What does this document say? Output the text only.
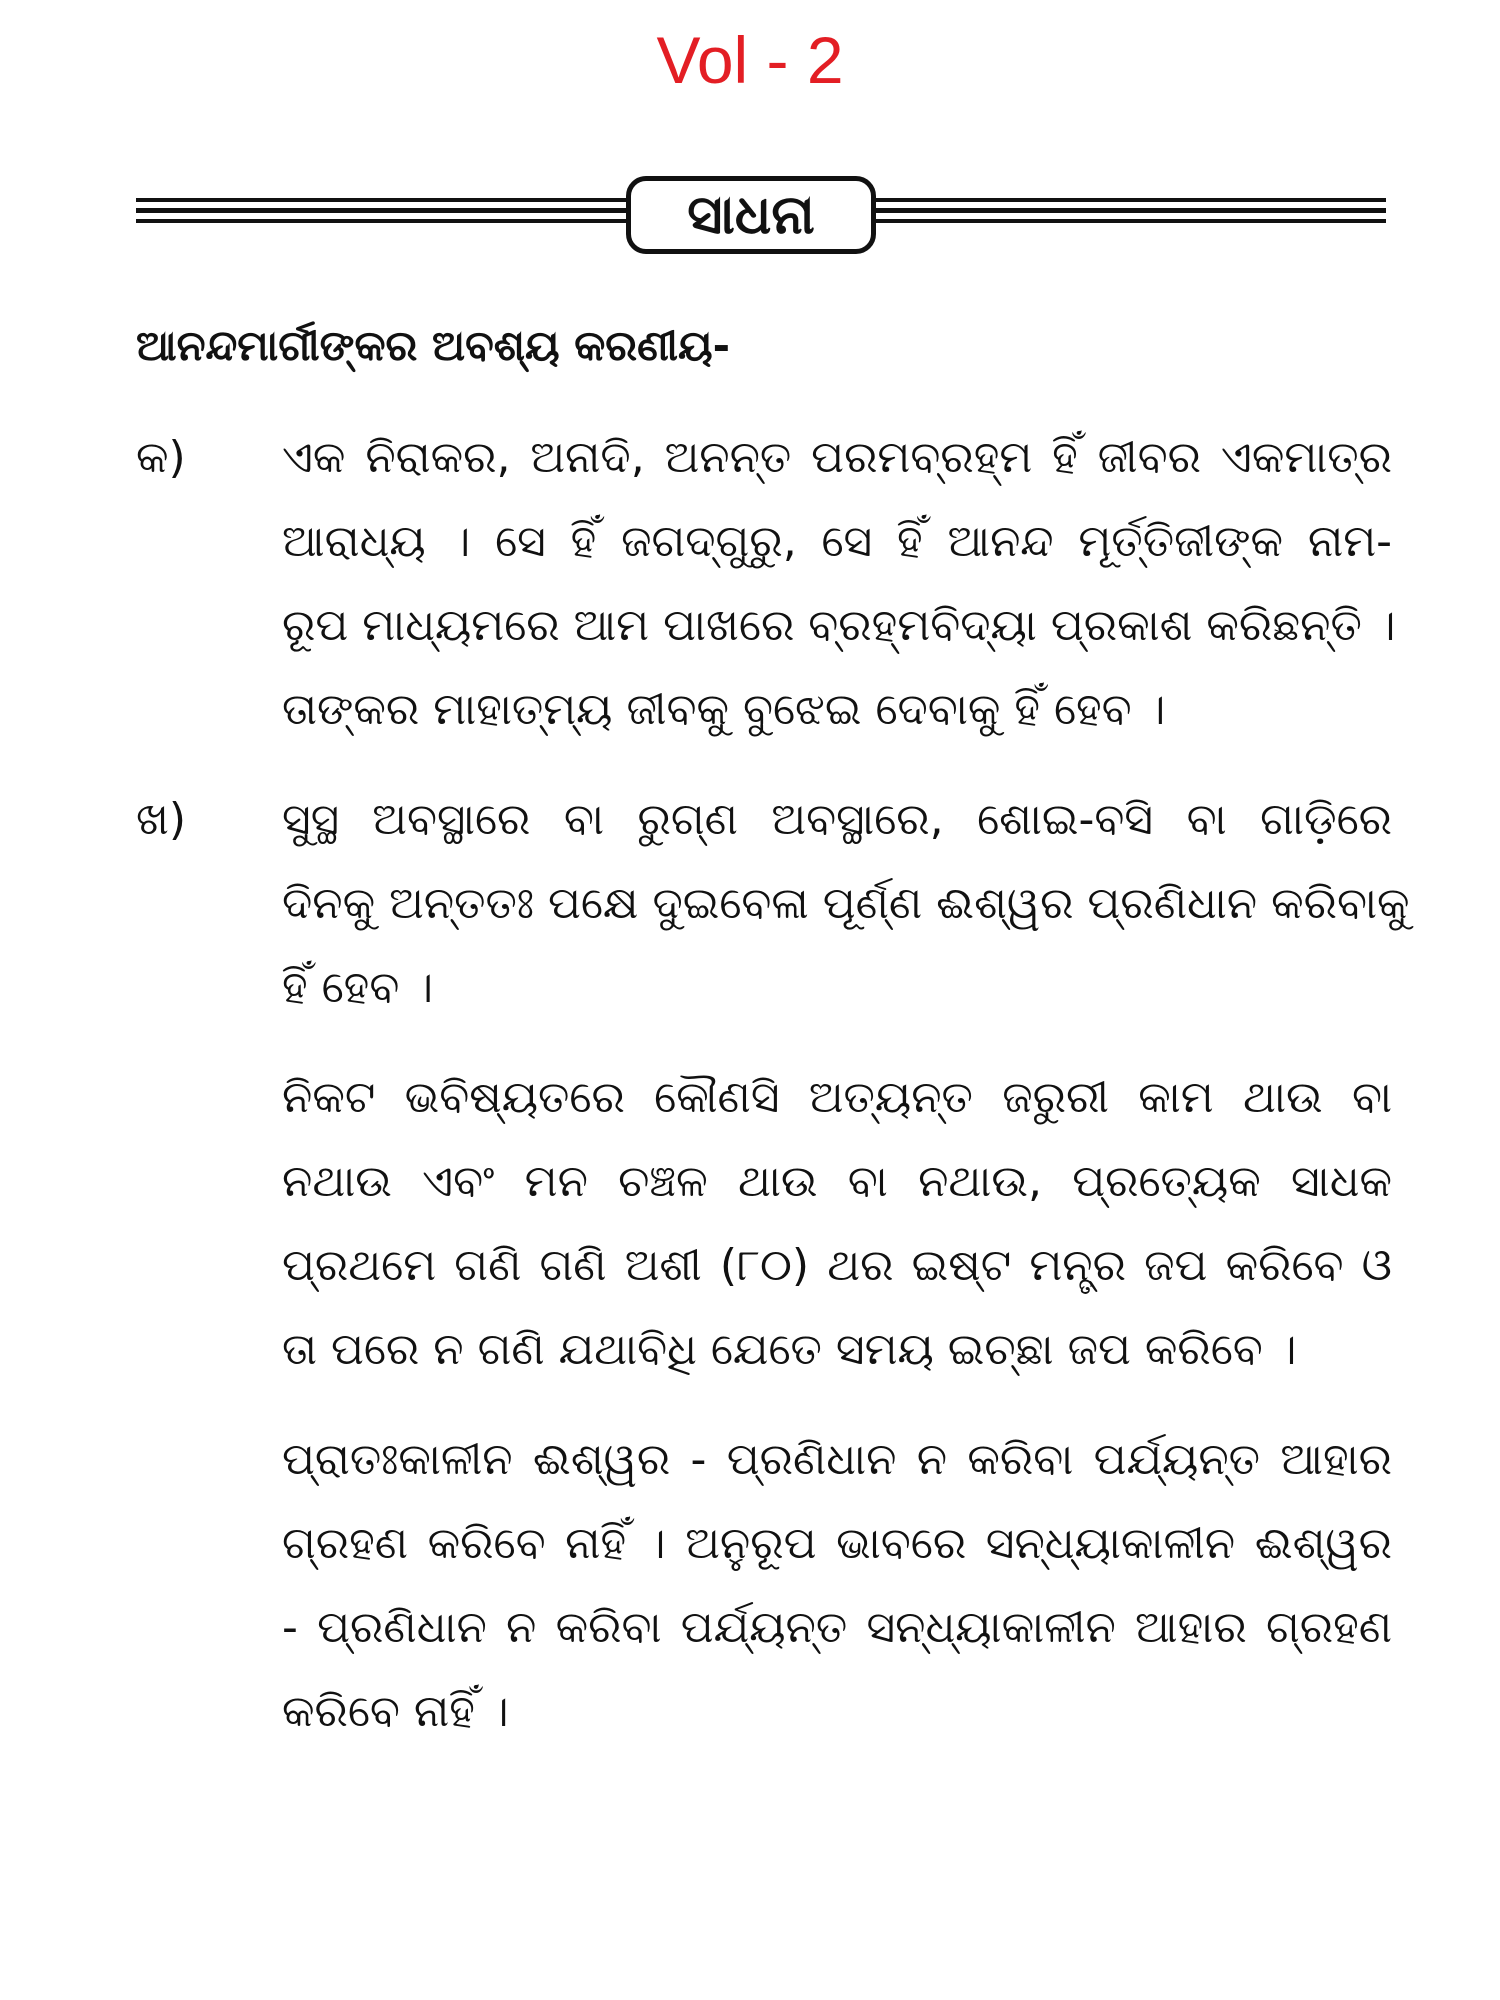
Vol - 2
ସାଧନା
ଆନନ୍ଦମାର୍ଗୀଙ୍କର ଅବଶ୍ୟ କରଣୀୟ-
କ)	ଏକ ନିରାକର, ଅନାଦି, ଅନନ୍ତ ପରମବ୍ରହ୍ମ ହିଁ ଜୀବର ଏକମାତ୍ର
ଆରାଧ୍ୟ । ସେ ହିଁ ଜଗଦ୍‌ଗୁରୁ, ସେ ହିଁ ଆନନ୍ଦ ମୂର୍ତ୍ତିଜୀଙ୍କ ନାମ-
ରୂପ ମାଧ୍ୟମରେ ଆମ ପାଖରେ ବ୍ରହ୍ମବିଦ୍ୟା ପ୍ରକାଶ କରିଛନ୍ତି ।
ତାଙ୍କର ମାହାତ୍ମ୍ୟ ଜୀବକୁ ବୁଝେଇ ଦେବାକୁ ହିଁ ହେବ ।
ଖ)	ସୁସ୍ଥ ଅବସ୍ଥାରେ ବା ରୁଗ୍‌ଣ ଅବସ୍ଥାରେ, ଶୋଇ-ବସି ବା ଗାଡ଼ିରେ
ଦିନକୁ ଅନ୍ତତଃ ପକ୍ଷେ ଦୁଇବେଳା ପୂର୍ଣ୍ଣ ଈଶ୍ୱର ପ୍ରଣିଧାନ କରିବାକୁ
ହିଁ ହେବ ।
ନିକଟ ଭବିଷ୍ୟତରେ କୌଣସି ଅତ୍ୟନ୍ତ ଜରୁରୀ କାମ ଥାଉ ବା
ନଥାଉ ଏବଂ ମନ ଚଞ୍ଚଳ ଥାଉ ବା ନଥାଉ, ପ୍ରତ୍ୟେକ ସାଧକ
ପ୍ରଥମେ ଗଣି ଗଣି ଅଶୀ (୮୦) ଥର ଇଷ୍ଟ ମନ୍ତ୍ର ଜପ କରିବେ ଓ
ତା ପରେ ନ ଗଣି ଯଥାବିଧି ଯେତେ ସମୟ ଇଚ୍ଛା ଜପ କରିବେ ।
ପ୍ରାତଃକାଳୀନ ଈଶ୍ୱର - ପ୍ରଣିଧାନ ନ କରିବା ପର୍ଯ୍ୟନ୍ତ ଆହାର
ଗ୍ରହଣ କରିବେ ନାହିଁ । ଅନୁରୂପ ଭାବରେ ସନ୍ଧ୍ୟାକାଳୀନ ଈଶ୍ୱର
- ପ୍ରଣିଧାନ ନ କରିବା ପର୍ଯ୍ୟନ୍ତ ସନ୍ଧ୍ୟାକାଳୀନ ଆହାର ଗ୍ରହଣ
କରିବେ ନାହିଁ ।
